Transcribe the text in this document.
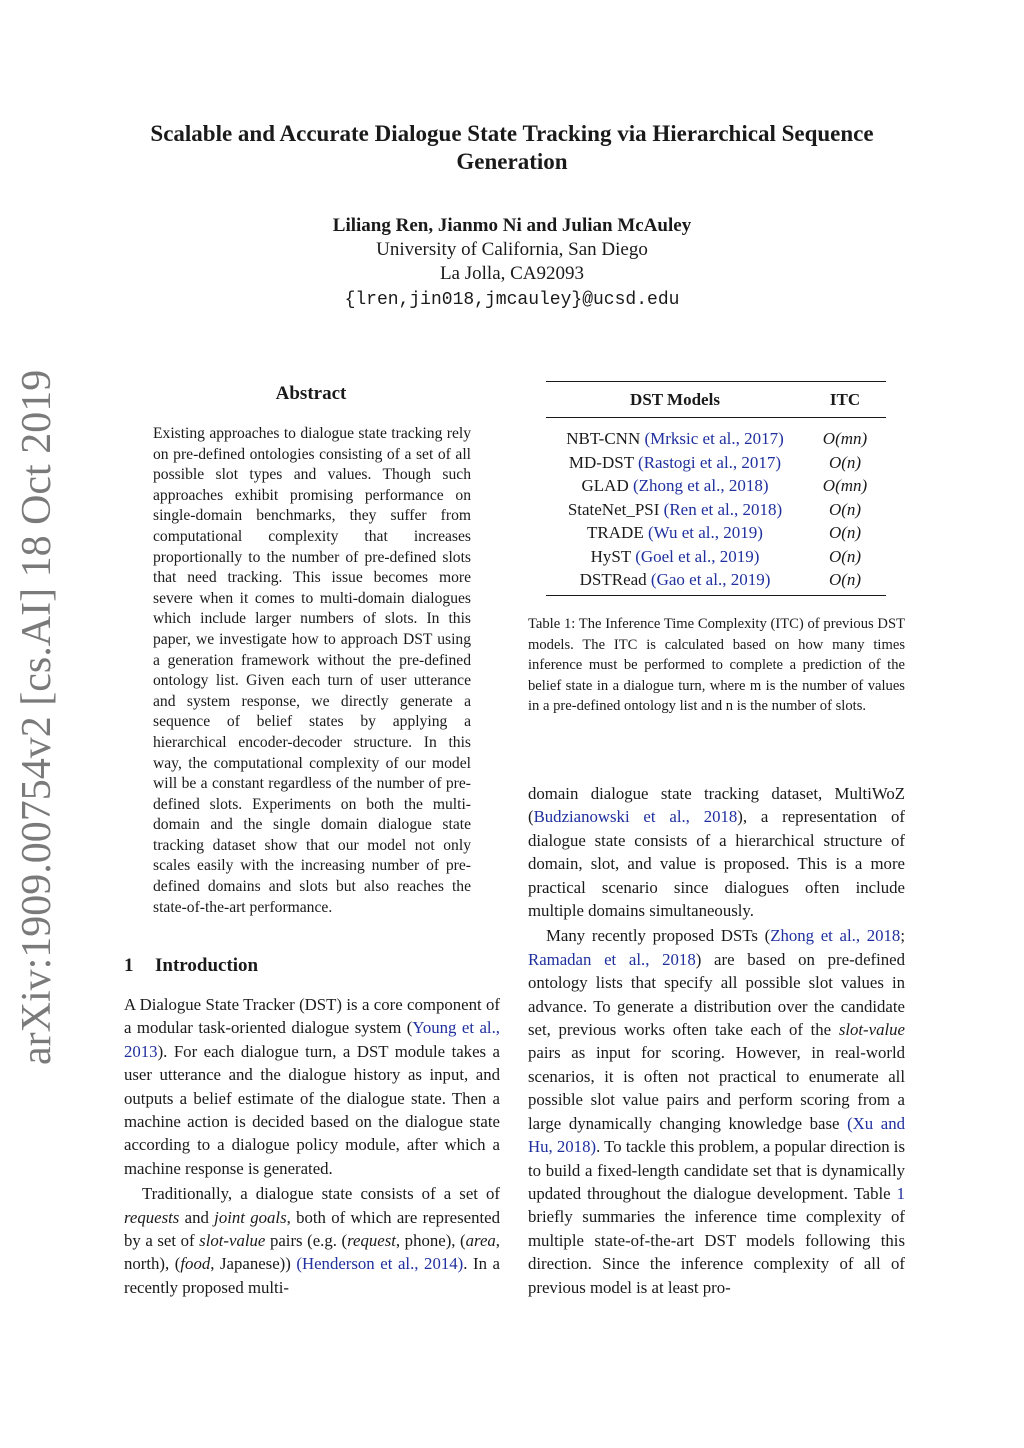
arXiv:1909.00754v2 [cs.AI] 18 Oct 2019
Scalable and Accurate Dialogue State Tracking via Hierarchical Sequence Generation
Liliang Ren, Jianmo Ni and Julian McAuley
University of California, San Diego
La Jolla, CA92093
{lren,jin018,jmcauley}@ucsd.edu
Abstract
Existing approaches to dialogue state tracking rely on pre-defined ontologies consisting of a set of all possible slot types and values. Though such approaches exhibit promising performance on single-domain benchmarks, they suffer from computational complexity that increases proportionally to the number of pre-defined slots that need tracking. This issue becomes more severe when it comes to multi-domain dialogues which include larger numbers of slots. In this paper, we investigate how to approach DST using a generation framework without the pre-defined ontology list. Given each turn of user utterance and system response, we directly generate a sequence of belief states by applying a hierarchical encoder-decoder structure. In this way, the computational complexity of our model will be a constant regardless of the number of pre-defined slots. Experiments on both the multi-domain and the single domain dialogue state tracking dataset show that our model not only scales easily with the increasing number of pre-defined domains and slots but also reaches the state-of-the-art performance.
1 Introduction

A Dialogue State Tracker (DST) is a core component of a modular task-oriented dialogue system (Young et al., 2013). For each dialogue turn, a DST module takes a user utterance and the dialogue history as input, and outputs a belief estimate of the dialogue state. Then a machine action is decided based on the dialogue state according to a dialogue policy module, after which a machine response is generated.

Traditionally, a dialogue state consists of a set of requests and joint goals, both of which are represented by a set of slot-value pairs (e.g. (request, phone), (area, north), (food, Japanese)) (Henderson et al., 2014). In a recently proposed multi-

DST Models	ITC
NBT-CNN (Mrksic et al., 2017)	O(mn)
MD-DST (Rastogi et al., 2017)	O(n)
GLAD (Zhong et al., 2018)	O(mn)
StateNet_PSI (Ren et al., 2018)	O(n)
TRADE (Wu et al., 2019)	O(n)
HyST (Goel et al., 2019)	O(n)
DSTRead (Gao et al., 2019)	O(n)
Table 1: The Inference Time Complexity (ITC) of previous DST models. The ITC is calculated based on how many times inference must be performed to complete a prediction of the belief state in a dialogue turn, where m is the number of values in a pre-defined ontology list and n is the number of slots.

domain dialogue state tracking dataset, MultiWoZ (Budzianowski et al., 2018), a representation of dialogue state consists of a hierarchical structure of domain, slot, and value is proposed. This is a more practical scenario since dialogues often include multiple domains simultaneously.

Many recently proposed DSTs (Zhong et al., 2018; Ramadan et al., 2018) are based on pre-defined ontology lists that specify all possible slot values in advance. To generate a distribution over the candidate set, previous works often take each of the slot-value pairs as input for scoring. However, in real-world scenarios, it is often not practical to enumerate all possible slot value pairs and perform scoring from a large dynamically changing knowledge base (Xu and Hu, 2018). To tackle this problem, a popular direction is to build a fixed-length candidate set that is dynamically updated throughout the dialogue development. Table 1 briefly summaries the inference time complexity of multiple state-of-the-art DST models following this direction. Since the inference complexity of all of previous model is at least pro-
